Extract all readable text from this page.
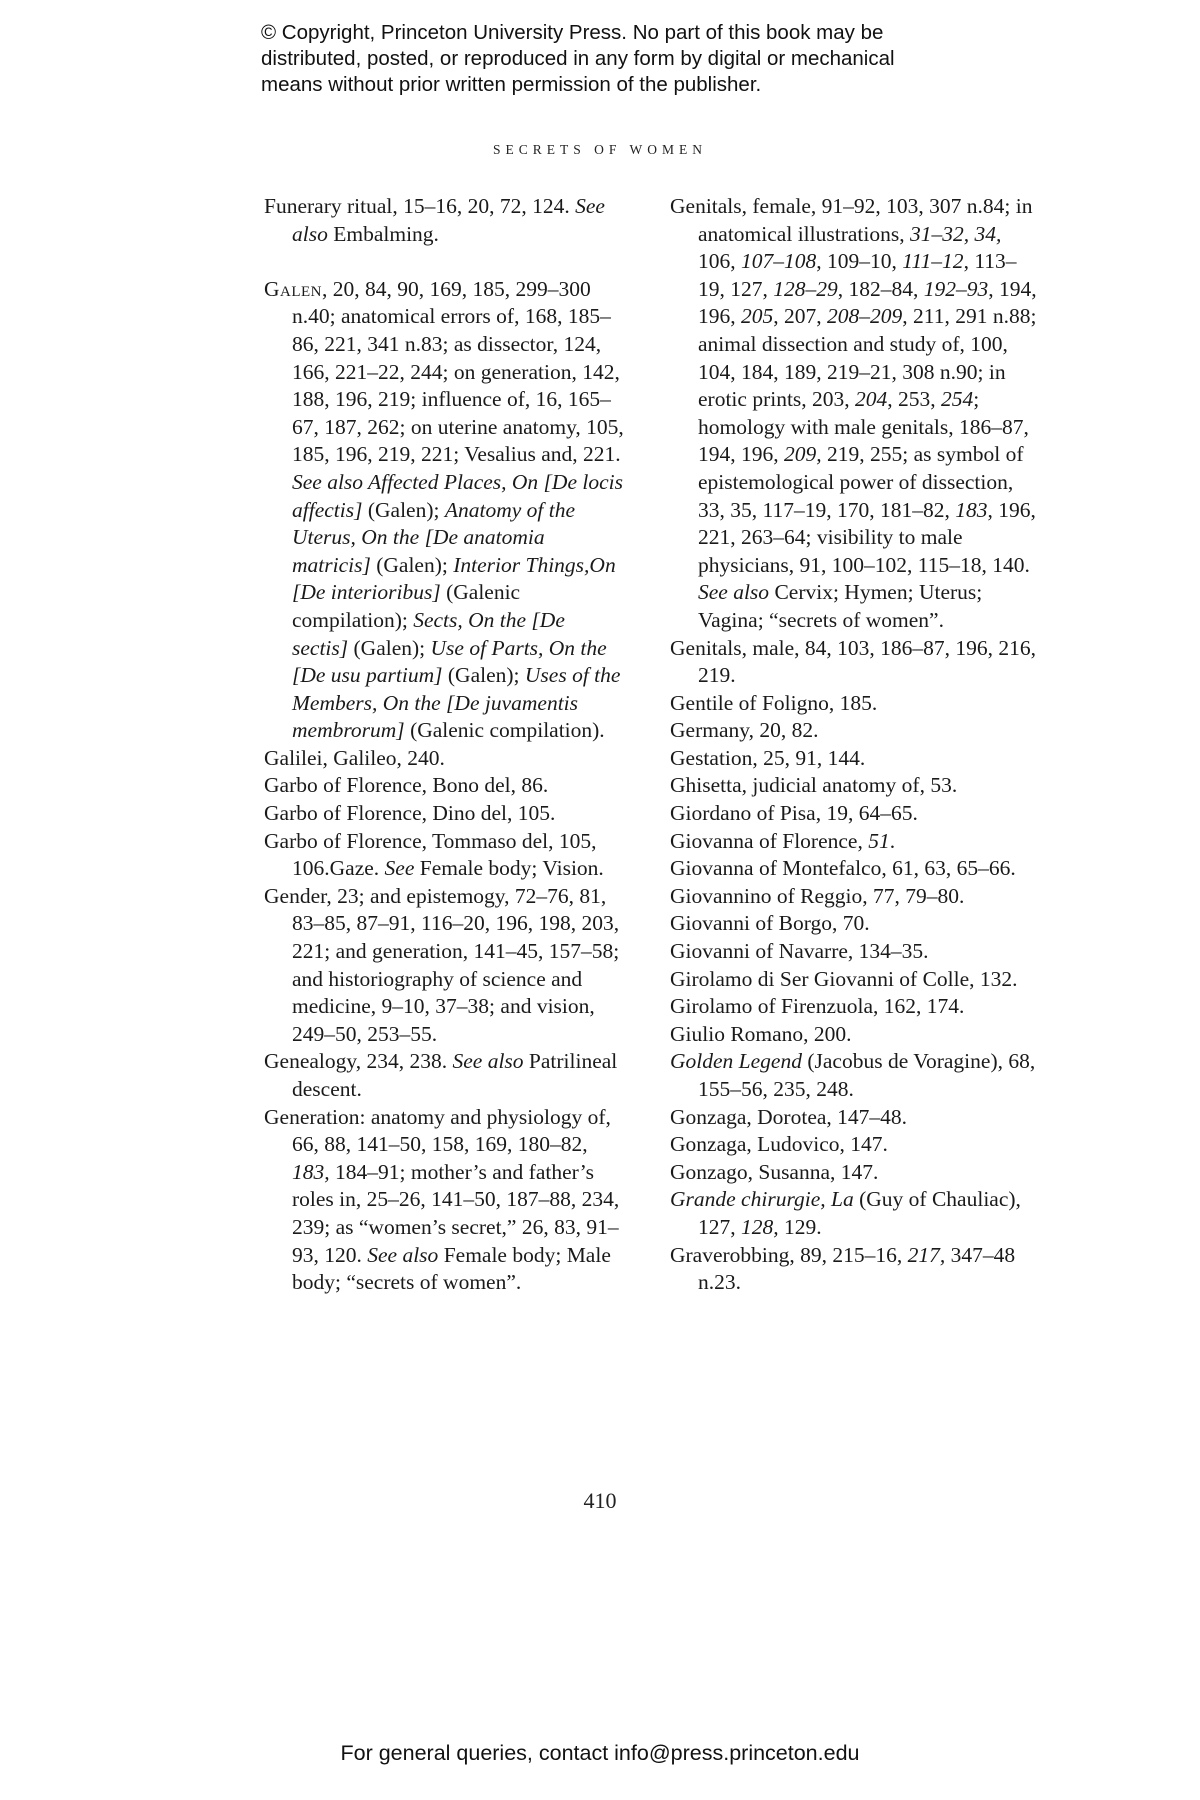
© Copyright, Princeton University Press. No part of this book may be
distributed, posted, or reproduced in any form by digital or mechanical
means without prior written permission of the publisher.
SECRETS OF WOMEN
Funerary ritual, 15–16, 20, 72, 124. See also Embalming.
Galen, 20, 84, 90, 169, 185, 299–300 n.40; anatomical errors of, 168, 185–86, 221, 341 n.83; as dissector, 124, 166, 221–22, 244; on generation, 142, 188, 196, 219; influence of, 16, 165–67, 187, 262; on uterine anatomy, 105, 185, 196, 219, 221; Vesalius and, 221. See also Affected Places, On [De locis affectis] (Galen); Anatomy of the Uterus, On the [De anatomia matricis] (Galen); Interior Things,On [De interioribus] (Galenic compilation); Sects, On the [De sectis] (Galen); Use of Parts, On the [De usu partium] (Galen); Uses of the Members, On the [De juvamentis membrorum] (Galenic compilation).
Galilei, Galileo, 240.
Garbo of Florence, Bono del, 86.
Garbo of Florence, Dino del, 105.
Garbo of Florence, Tommaso del, 105, 106.Gaze. See Female body; Vision.
Gender, 23; and epistemogy, 72–76, 81, 83–85, 87–91, 116–20, 196, 198, 203, 221; and generation, 141–45, 157–58; and historiography of science and medicine, 9–10, 37–38; and vision, 249–50, 253–55.
Genealogy, 234, 238. See also Patrilineal descent.
Generation: anatomy and physiology of, 66, 88, 141–50, 158, 169, 180–82, 183, 184–91; mother’s and father’s roles in, 25–26, 141–50, 187–88, 234, 239; as “women’s secret,” 26, 83, 91–93, 120. See also Female body; Male body; “secrets of women”.
Genitals, female, 91–92, 103, 307 n.84; in anatomical illustrations, 31–32, 34, 106, 107–108, 109–10, 111–12, 113–19, 127, 128–29, 182–84, 192–93, 194, 196, 205, 207, 208–209, 211, 291 n.88; animal dissection and study of, 100, 104, 184, 189, 219–21, 308 n.90; in erotic prints, 203, 204, 253, 254; homology with male genitals, 186–87, 194, 196, 209, 219, 255; as symbol of epistemological power of dissection, 33, 35, 117–19, 170, 181–82, 183, 196, 221, 263–64; visibility to male physicians, 91, 100–102, 115–18, 140. See also Cervix; Hymen; Uterus; Vagina; “secrets of women”.
Genitals, male, 84, 103, 186–87, 196, 216, 219.
Gentile of Foligno, 185.
Germany, 20, 82.
Gestation, 25, 91, 144.
Ghisetta, judicial anatomy of, 53.
Giordano of Pisa, 19, 64–65.
Giovanna of Florence, 51.
Giovanna of Montefalco, 61, 63, 65–66.
Giovannino of Reggio, 77, 79–80.
Giovanni of Borgo, 70.
Giovanni of Navarre, 134–35.
Girolamo di Ser Giovanni of Colle, 132.
Girolamo of Firenzuola, 162, 174.
Giulio Romano, 200.
Golden Legend (Jacobus de Voragine), 68, 155–56, 235, 248.
Gonzaga, Dorotea, 147–48.
Gonzaga, Ludovico, 147.
Gonzago, Susanna, 147.
Grande chirurgie, La (Guy of Chauliac), 127, 128, 129.
Graverobbing, 89, 215–16, 217, 347–48 n.23.
410
For general queries, contact info@press.princeton.edu
